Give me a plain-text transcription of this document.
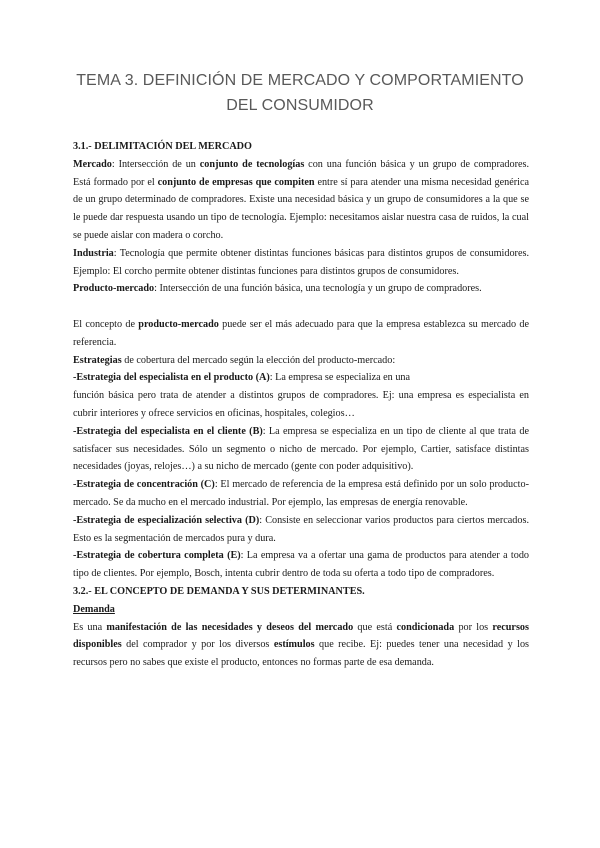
TEMA 3. DEFINICIÓN DE MERCADO Y COMPORTAMIENTO DEL CONSUMIDOR

3.1.- DELIMITACIÓN DEL MERCADO

Mercado: Intersección de un conjunto de tecnologías con una función básica y un grupo de compradores. Está formado por el conjunto de empresas que compiten entre sí para atender una misma necesidad genérica de un grupo determinado de compradores. Existe una necesidad básica y un grupo de consumidores a la que se le puede dar respuesta usando un tipo de tecnología. Ejemplo: necesitamos aislar nuestra casa de ruidos, la cual se puede aislar con madera o corcho.

Industria: Tecnología que permite obtener distintas funciones básicas para distintos grupos de consumidores. Ejemplo: El corcho permite obtener distintas funciones para distintos grupos de consumidores.

Producto-mercado: Intersección de una función básica, una tecnología y un grupo de compradores.

El concepto de producto-mercado puede ser el más adecuado para que la empresa establezca su mercado de referencia.

Estrategias de cobertura del mercado según la elección del producto-mercado:

-Estrategia del especialista en el producto (A): La empresa se especializa en una

función básica pero trata de atender a distintos grupos de compradores. Ej: una empresa es especialista en cubrir interiores y ofrece servicios en oficinas, hospitales, colegios…

-Estrategia del especialista en el cliente (B): La empresa se especializa en un tipo de cliente al que trata de satisfacer sus necesidades. Sólo un segmento o nicho de mercado. Por ejemplo, Cartier, satisface distintas necesidades (joyas, relojes…) a su nicho de mercado (gente con poder adquisitivo).

-Estrategia de concentración (C): El mercado de referencia de la empresa está definido por un solo producto-mercado. Se da mucho en el mercado industrial. Por ejemplo, las empresas de energía renovable.

-Estrategia de especialización selectiva (D): Consiste en seleccionar varios productos para ciertos mercados. Esto es la segmentación de mercados pura y dura.

-Estrategia de cobertura completa (E): La empresa va a ofertar una gama de productos para atender a todo tipo de clientes. Por ejemplo, Bosch, intenta cubrir dentro de toda su oferta a todo tipo de compradores.

3.2.- EL CONCEPTO DE DEMANDA Y SUS DETERMINANTES.

Demanda

Es una manifestación de las necesidades y deseos del mercado que está condicionada por los recursos disponibles del comprador y por los diversos estímulos que recibe. Ej: puedes tener una necesidad y los recursos pero no sabes que existe el producto, entonces no formas parte de esa demanda.
